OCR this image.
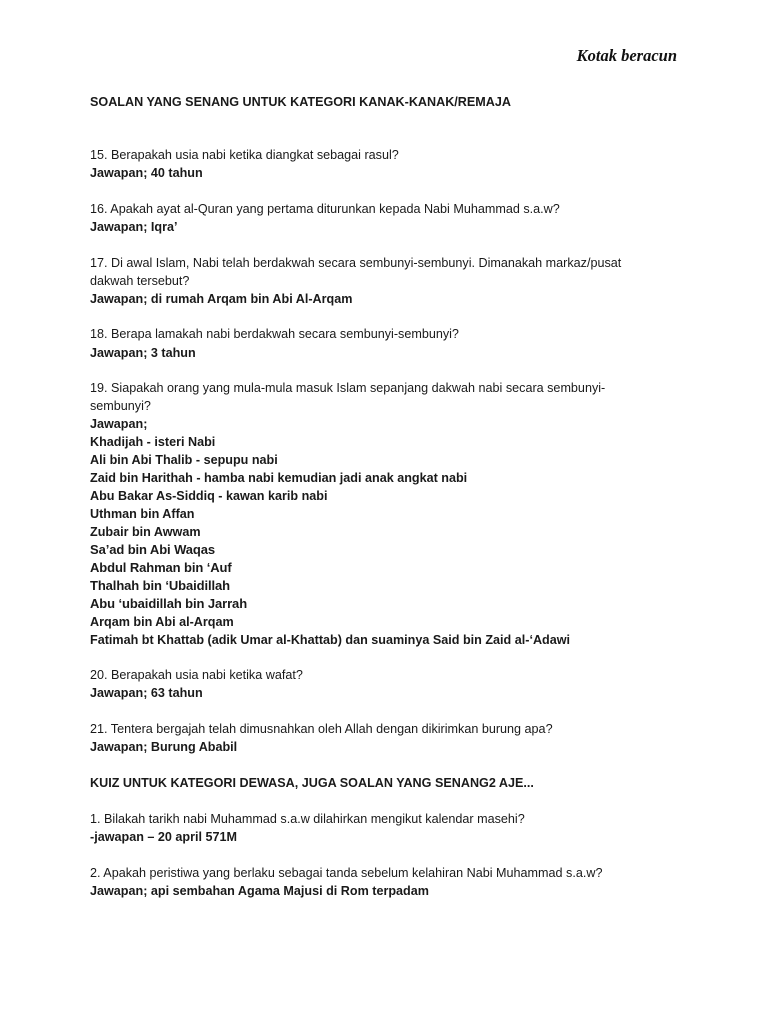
Kotak beracun
SOALAN YANG SENANG UNTUK KATEGORI KANAK-KANAK/REMAJA
15. Berapakah usia nabi ketika diangkat sebagai rasul?
Jawapan; 40 tahun
16. Apakah ayat al-Quran yang pertama diturunkan kepada Nabi Muhammad s.a.w?
Jawapan; Iqra’
17. Di awal Islam, Nabi telah berdakwah secara sembunyi-sembunyi. Dimanakah markaz/pusat
dakwah tersebut?
Jawapan; di rumah Arqam bin Abi Al-Arqam
18. Berapa lamakah nabi berdakwah secara sembunyi-sembunyi?
Jawapan; 3 tahun
19. Siapakah orang yang mula-mula masuk Islam sepanjang dakwah nabi secara sembunyi-
sembunyi?
Jawapan;
Khadijah - isteri Nabi
Ali bin Abi Thalib - sepupu nabi
Zaid bin Harithah - hamba nabi kemudian jadi anak angkat nabi
Abu Bakar As-Siddiq - kawan karib nabi
Uthman bin Affan
Zubair bin Awwam
Sa’ad bin Abi Waqas
Abdul Rahman bin ‘Auf
Thalhah bin ‘Ubaidillah
Abu ‘ubaidillah bin Jarrah
Arqam bin Abi al-Arqam
Fatimah bt Khattab (adik Umar al-Khattab) dan suaminya Said bin Zaid al-‘Adawi
20. Berapakah usia nabi ketika wafat?
Jawapan; 63 tahun
21. Tentera bergajah telah dimusnahkan oleh Allah dengan dikirimkan burung apa?
Jawapan; Burung Ababil
KUIZ UNTUK KATEGORI DEWASA, JUGA SOALAN YANG SENANG2 AJE...
1. Bilakah tarikh nabi Muhammad s.a.w dilahirkan mengikut kalendar masehi?
-jawapan – 20 april 571M
2. Apakah peristiwa yang berlaku sebagai tanda sebelum kelahiran Nabi Muhammad s.a.w?
Jawapan; api sembahan Agama Majusi di Rom terpadam
